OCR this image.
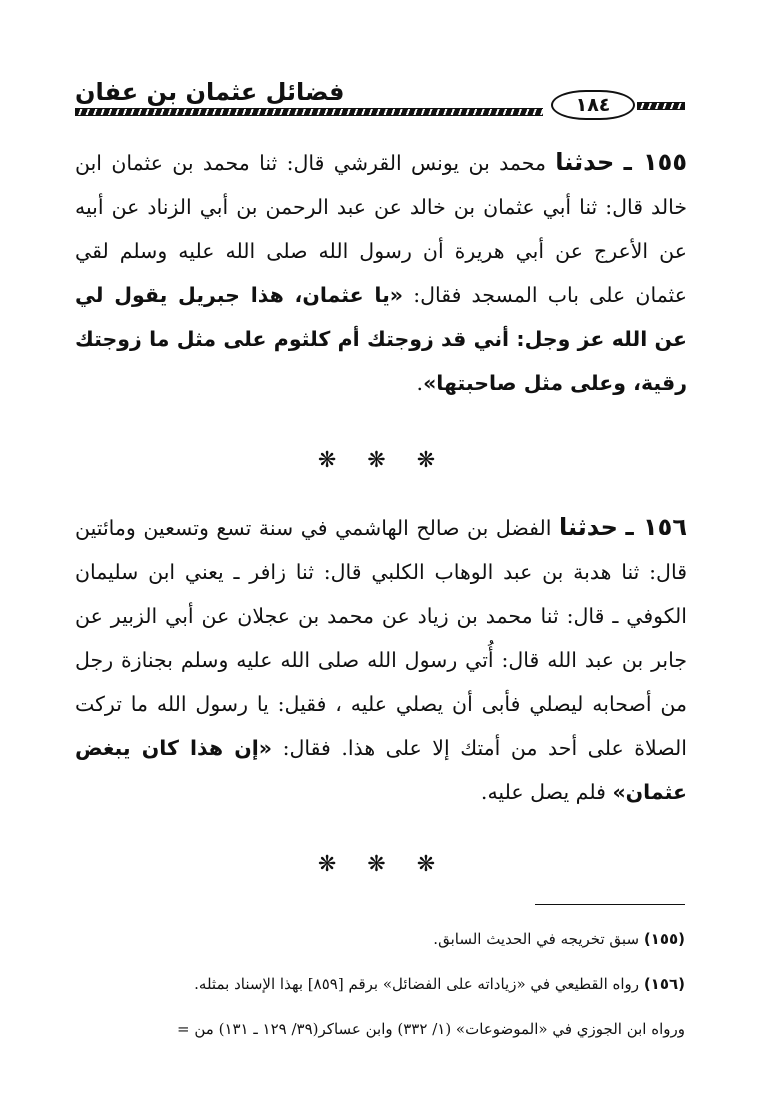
فضائل عثمان بن عفان	١٨٤
١٥٥ ـ حدثنا محمد بن يونس القرشي قال: ثنا محمد بن عثمان ابن خالد قال: ثنا أبي عثمان بن خالد عن عبد الرحمن بن أبي الزناد عن أبيه عن الأعرج عن أبي هريرة أن رسول الله صلى الله عليه وسلم لقي عثمان على باب المسجد فقال: «يا عثمان، هذا جبريل يقول لي عن الله عز وجل: أني قد زوجتك أم كلثوم على مثل ما زوجتك رقية، وعلى مثل صاحبتها».
❋ ❋ ❋
١٥٦ ـ حدثنا الفضل بن صالح الهاشمي في سنة تسع وتسعين ومائتين قال: ثنا هدبة بن عبد الوهاب الكلبي قال: ثنا زافر ـ يعني ابن سليمان الكوفي ـ قال: ثنا محمد بن زياد عن محمد بن عجلان عن أبي الزبير عن جابر بن عبد الله قال: أُتي رسول الله صلى الله عليه وسلم بجنازة رجل من أصحابه ليصلي فأبى أن يصلي عليه ، فقيل: يا رسول الله ما تركت الصلاة على أحد من أمتك إلا على هذا. فقال: «إن هذا كان يبغض عثمان» فلم يصل عليه.
❋ ❋ ❋
(١٥٥) سبق تخريجه في الحديث السابق.
(١٥٦) رواه القطيعي في «زياداته على الفضائل» برقم [٨٥٩] بهذا الإسناد بمثله.
ورواه ابن الجوزي في «الموضوعات» (١/ ٣٣٢) وابن عساكر(٣٩/ ١٢٩ ـ ١٣١) من =
